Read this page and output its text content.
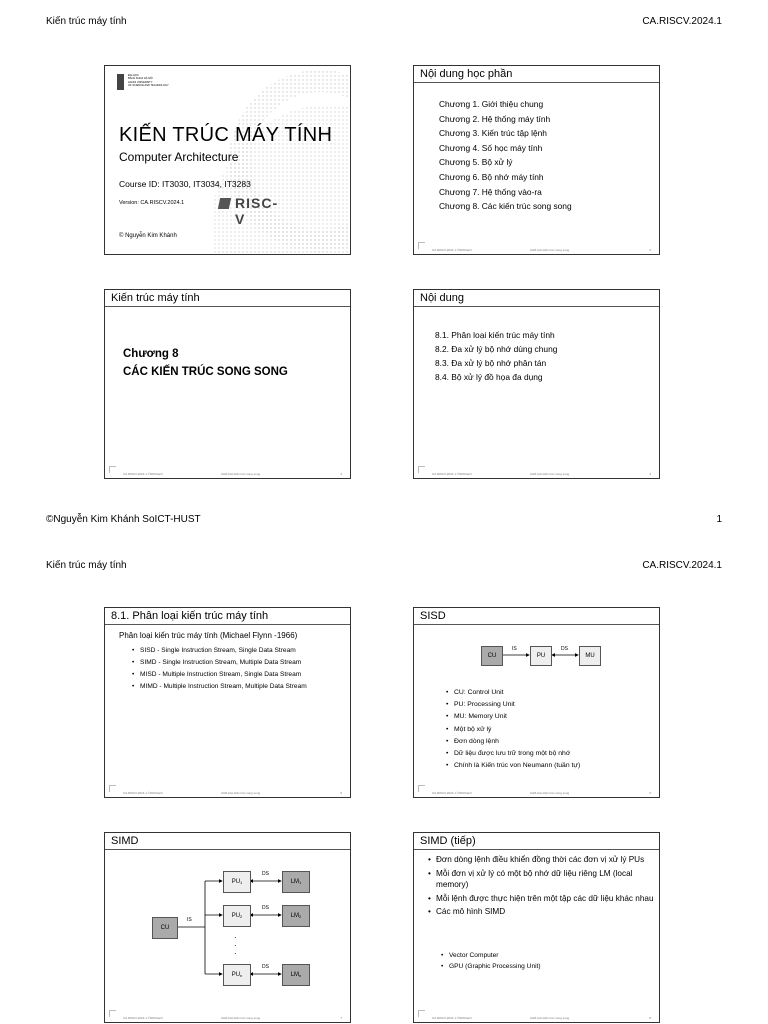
Kiến trúc máy tính	CA.RISCV.2024.1
ĐẠI HỌC
BÁCH KHOA HÀ NỘI
HANOI UNIVERSITY
OF SCIENCE AND TECHNOLOGY
KIẾN TRÚC MÁY TÍNH
Computer Architecture
Course ID: IT3030, IT3034, IT3283
Version: CA.RISCV.2024.1	RISC-V
© Nguyễn Kim Khánh
Nội dung học phần
Chương 1. Giới thiệu chung
Chương 2. Hệ thống máy tính
Chương 3. Kiến trúc tập lệnh
Chương 4. Số học máy tính
Chương 5. Bộ xử lý
Chương 6. Bộ nhớ máy tính
Chương 7. Hệ thống vào-ra
Chương 8. Các kiến trúc song song
CA.RISCV.2024.1 ©NKKhanh	CH8-Các kiến trúc song song	2
Kiến trúc máy tính
Chương 8
CÁC KIẾN TRÚC SONG SONG
CA.RISCV.2024.1 ©NKKhanh	CH8-Các kiến trúc song song	3
Nội dung
8.1. Phân loại kiến trúc máy tính
8.2. Đa xử lý bộ nhớ dùng chung
8.3. Đa xử lý bộ nhớ phân tán
8.4. Bộ xử lý đồ họa đa dụng
CA.RISCV.2024.1 ©NKKhanh	CH8-Các kiến trúc song song	4
©Nguyễn Kim Khánh SoICT-HUST	1
Kiến trúc máy tính	CA.RISCV.2024.1
8.1. Phân loại kiến trúc máy tính
Phân loại kiến trúc máy tính (Michael Flynn -1966)
• SISD - Single Instruction Stream, Single Data Stream
• SIMD - Single Instruction Stream, Multiple Data Stream
• MISD - Multiple Instruction Stream, Single Data Stream
• MIMD - Multiple Instruction Stream, Multiple Data Stream
CA.RISCV.2024.1 ©NKKhanh	CH8-Các kiến trúc song song	5
SISD
CU	PU	MU
IS	DS
• CU: Control Unit
• PU: Processing Unit
• MU: Memory Unit
• Một bộ xử lý
• Đơn dòng lệnh
• Dữ liệu được lưu trữ trong một bộ nhớ
• Chính là Kiến trúc von Neumann (tuần tự)
CA.RISCV.2024.1 ©NKKhanh	CH8-Các kiến trúc song song	6
SIMD
CU
IS
PU 1
PU 2
PU n
LM 1
LM 2
LM n
DS
DS
DS
·
·
·
CA.RISCV.2024.1 ©NKKhanh	CH8-Các kiến trúc song song	7
SIMD (tiếp)
• Đơn dòng lệnh điều khiển đồng thời các đơn vị xử lý PUs
• Mỗi đơn vị xử lý có một bộ nhớ dữ liệu riêng LM (local memory)
• Mỗi lệnh được thực hiện trên một tập các dữ liệu khác nhau
• Các mô hình SIMD
• Vector Computer
• GPU (Graphic Processing Unit)
CA.RISCV.2024.1 ©NKKhanh	CH8-Các kiến trúc song song	8
